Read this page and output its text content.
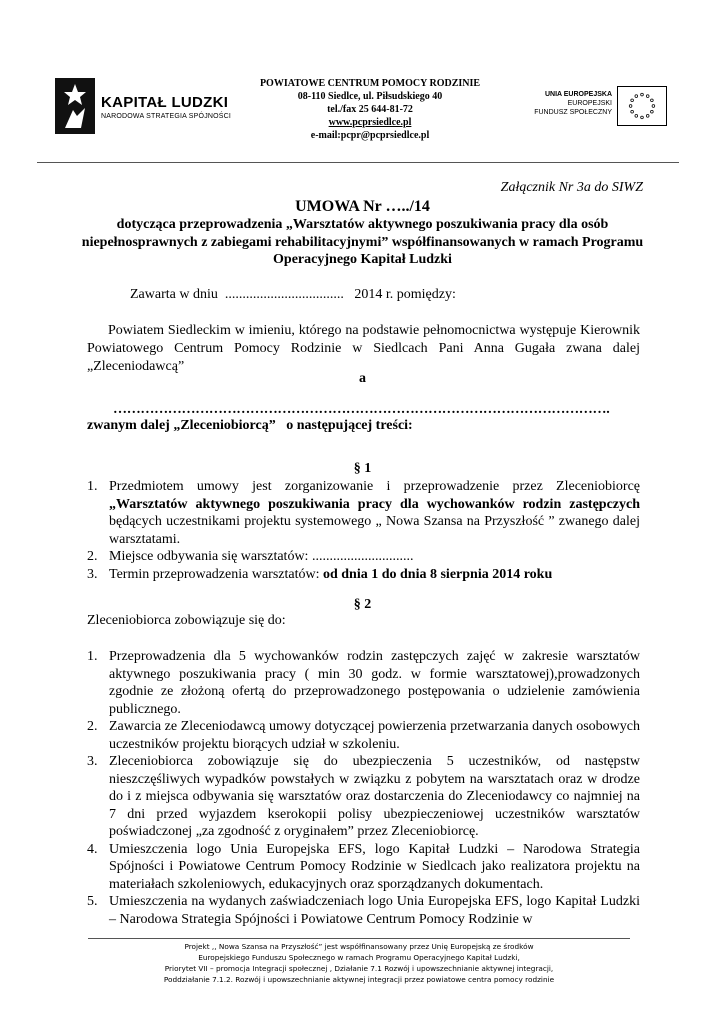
KAPITAŁ LUDZKI
NARODOWA STRATEGIA SPÓJNOŚCI
POWIATOWE CENTRUM POMOCY RODZINIE
08-110 Siedlce, ul. Piłsudskiego 40
tel./fax 25 644-81-72
www.pcprsiedlce.pl
e-mail:pcpr@pcprsiedlce.pl
UNIA EUROPEJSKA
EUROPEJSKI
FUNDUSZ SPOŁECZNY
Załącznik Nr 3a do SIWZ
UMOWA Nr …../14
dotycząca przeprowadzenia „Warsztatów aktywnego poszukiwania pracy dla osób niepełnosprawnych z zabiegami rehabilitacyjnymi” współfinansowanych w ramach Programu Operacyjnego Kapitał Ludzki
Zawarta w dniu  ..................................   2014 r. pomiędzy:
Powiatem Siedleckim w imieniu, którego na podstawie pełnomocnictwa występuje Kierownik Powiatowego Centrum Pomocy Rodzinie w Siedlcach Pani Anna Gugała zwana dalej „Zleceniodawcą”
a
……………………………………………………………………………………………….
zwanym dalej „Zleceniobiorcą”   o następującej treści:
§ 1
1. Przedmiotem umowy jest zorganizowanie i przeprowadzenie przez Zleceniobiorcę „Warsztatów aktywnego poszukiwania pracy dla wychowanków rodzin zastępczych będących uczestnikami projektu systemowego „ Nowa Szansa na Przyszłość ” zwanego dalej warsztatami.
2. Miejsce odbywania się warsztatów: .............................
3. Termin przeprowadzenia warsztatów: od dnia 1 do dnia 8 sierpnia 2014 roku
§ 2
Zleceniobiorca zobowiązuje się do:
1. Przeprowadzenia dla 5 wychowanków rodzin zastępczych zajęć w zakresie warsztatów aktywnego poszukiwania pracy ( min 30 godz. w formie warsztatowej),prowadzonych zgodnie ze złożoną ofertą do przeprowadzonego postępowania o udzielenie zamówienia publicznego.
2. Zawarcia ze Zleceniodawcą umowy dotyczącej powierzenia przetwarzania danych osobowych uczestników projektu biorących udział w szkoleniu.
3. Zleceniobiorca zobowiązuje się do ubezpieczenia 5 uczestników, od następstw nieszczęśliwych wypadków powstałych w związku z pobytem na warsztatach oraz w drodze do i z miejsca odbywania się warsztatów oraz dostarczenia do Zleceniodawcy co najmniej na 7 dni przed wyjazdem kserokopii polisy ubezpieczeniowej uczestników warsztatów poświadczonej „za zgodność z oryginałem” przez Zleceniobiorcę.
4. Umieszczenia logo Unia Europejska EFS, logo Kapitał Ludzki – Narodowa Strategia Spójności i Powiatowe Centrum Pomocy Rodzinie w Siedlcach jako realizatora projektu na materiałach szkoleniowych, edukacyjnych oraz sporządzanych dokumentach.
5. Umieszczenia na wydanych zaświadczeniach logo Unia Europejska EFS, logo Kapitał Ludzki – Narodowa Strategia Spójności i Powiatowe Centrum Pomocy Rodzinie w
Projekt ,, Nowa Szansa na Przyszłość” jest współfinansowany przez Unię Europejską ze środków
Europejskiego Funduszu Społecznego w ramach Programu Operacyjnego Kapitał Ludzki,
Priorytet VII – promocja Integracji społecznej , Działanie 7.1 Rozwój i upowszechnianie aktywnej integracji,
Poddziałanie 7.1.2. Rozwój i upowszechnianie aktywnej integracji przez powiatowe centra pomocy rodzinie
